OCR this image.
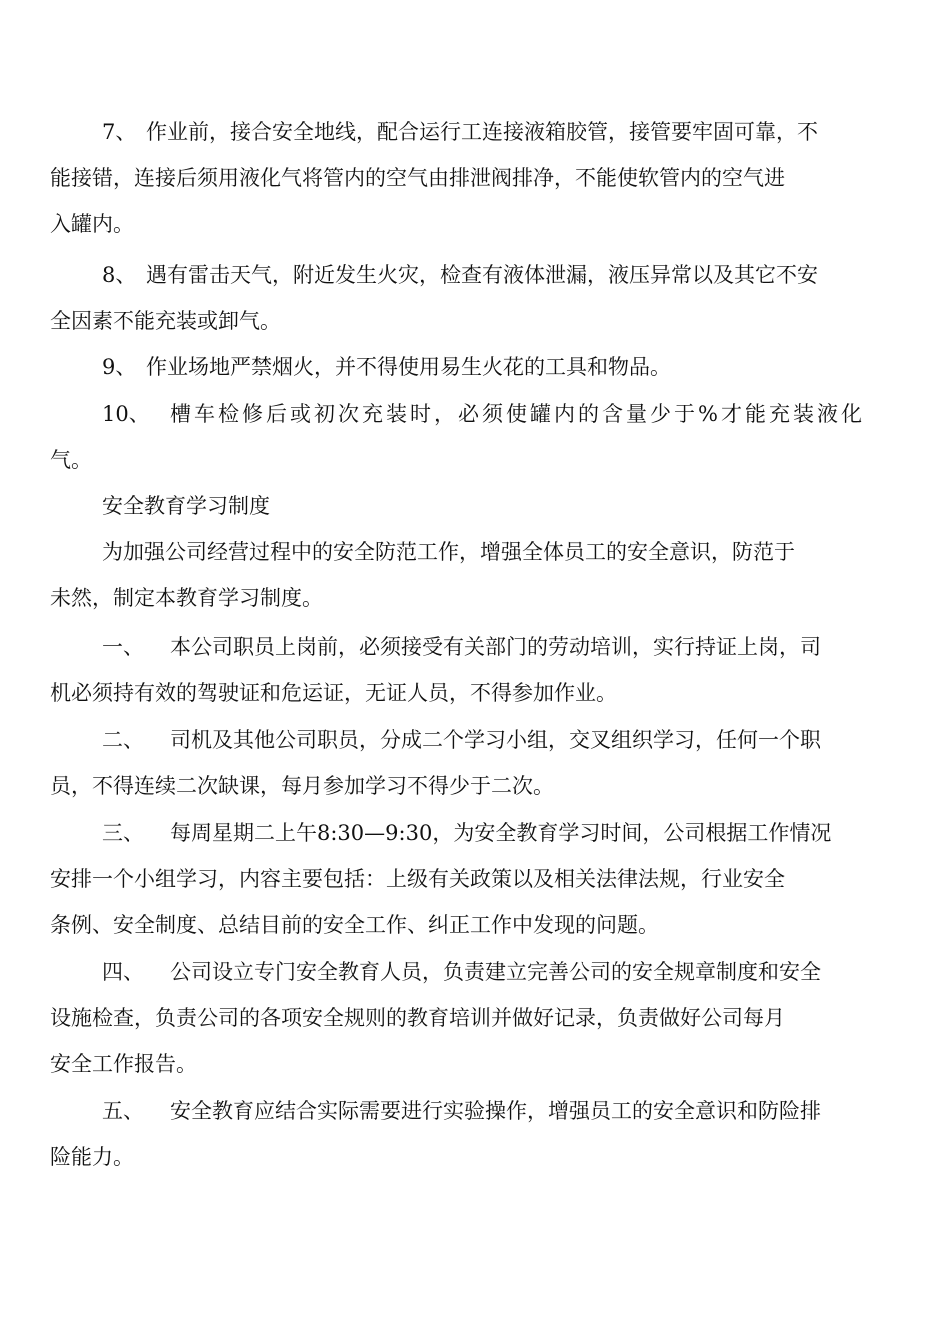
7、 作业前，接合安全地线，配合运行工连接液箱胶管，接管要牢固可靠，不
能接错，连接后须用液化气将管内的空气由排泄阀排净，不能使软管内的空气进
入罐内。
8、 遇有雷击天气，附近发生火灾，检查有液体泄漏，液压异常以及其它不安
全因素不能充装或卸气。
9、 作业场地严禁烟火，并不得使用易生火花的工具和物品。
10、 槽车检修后或初次充装时，必须使罐内的含量少于%才能充装液化
气。
安全教育学习制度
为加强公司经营过程中的安全防范工作，增强全体员工的安全意识，防范于
未然，制定本教育学习制度。
一、 本公司职员上岗前，必须接受有关部门的劳动培训，实行持证上岗，司
机必须持有效的驾驶证和危运证，无证人员，不得参加作业。
二、 司机及其他公司职员，分成二个学习小组，交叉组织学习，任何一个职
员，不得连续二次缺课，每月参加学习不得少于二次。
三、 每周星期二上午8:30—9:30，为安全教育学习时间，公司根据工作情况
安排一个小组学习，内容主要包括：上级有关政策以及相关法律法规，行业安全
条例、安全制度、总结目前的安全工作、纠正工作中发现的问题。
四、 公司设立专门安全教育人员，负责建立完善公司的安全规章制度和安全
设施检查，负责公司的各项安全规则的教育培训并做好记录，负责做好公司每月
安全工作报告。
五、 安全教育应结合实际需要进行实验操作，增强员工的安全意识和防险排
险能力。
